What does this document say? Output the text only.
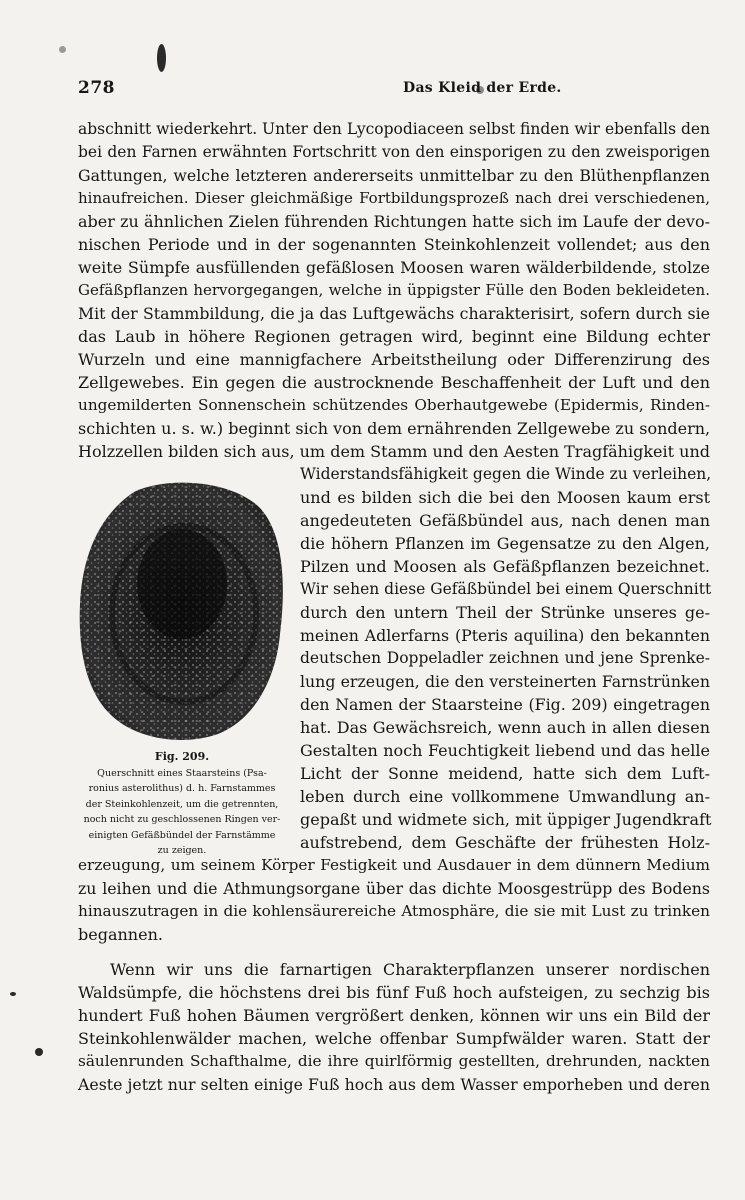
278	Das Kleid der Erde.
abschnitt wiederkehrt. Unter den Lycopodiaceen selbst finden wir ebenfalls den
bei den Farnen erwähnten Fortschritt von den einsporigen zu den zweisporigen
Gattungen, welche letzteren andererseits unmittelbar zu den Blüthenpflanzen
hinaufreichen. Dieser gleichmäßige Fortbildungsprozeß nach drei verschiedenen,
aber zu ähnlichen Zielen führenden Richtungen hatte sich im Laufe der devo-
nischen Periode und in der sogenannten Steinkohlenzeit vollendet; aus den
weite Sümpfe ausfüllenden gefäßlosen Moosen waren wälderbildende, stolze
Gefäßpflanzen hervorgegangen, welche in üppigster Fülle den Boden bekleideten.
Mit der Stammbildung, die ja das Luftgewächs charakterisirt, sofern durch sie
das Laub in höhere Regionen getragen wird, beginnt eine Bildung echter
Wurzeln und eine mannigfachere Arbeitstheilung oder Differenzirung des
Zellgewebes. Ein gegen die austrocknende Beschaffenheit der Luft und den
ungemilderten Sonnenschein schützendes Oberhautgewebe (Epidermis, Rinden-
schichten u. s. w.) beginnt sich von dem ernährenden Zellgewebe zu sondern,
Holzzellen bilden sich aus, um dem Stamm und den Aesten Tragfähigkeit und
Fig. 209.
Querschnitt eines Staarsteins (Psa-
ronius asterolithus) d. h. Farnstammes
der Steinkohlenzeit, um die getrennten,
noch nicht zu geschlossenen Ringen ver-
einigten Gefäßbündel der Farnstämme
zu zeigen.
Widerstandsfähigkeit gegen die Winde zu verleihen,
und es bilden sich die bei den Moosen kaum erst
angedeuteten Gefäßbündel aus, nach denen man
die höhern Pflanzen im Gegensatze zu den Algen,
Pilzen und Moosen als Gefäßpflanzen bezeichnet.
Wir sehen diese Gefäßbündel bei einem Querschnitt
durch den untern Theil der Strünke unseres ge-
meinen Adlerfarns (Pteris aquilina) den bekannten
deutschen Doppeladler zeichnen und jene Sprenke-
lung erzeugen, die den versteinerten Farnstrünken
den Namen der Staarsteine (Fig. 209) eingetragen
hat. Das Gewächsreich, wenn auch in allen diesen
Gestalten noch Feuchtigkeit liebend und das helle
Licht der Sonne meidend, hatte sich dem Luft-
leben durch eine vollkommene Umwandlung an-
gepaßt und widmete sich, mit üppiger Jugendkraft
aufstrebend, dem Geschäfte der frühesten Holz-
erzeugung, um seinem Körper Festigkeit und Ausdauer in dem dünnern Medium
zu leihen und die Athmungsorgane über das dichte Moosgestrüpp des Bodens
hinauszutragen in die kohlensäurereiche Atmosphäre, die sie mit Lust zu trinken
begannen.
Wenn wir uns die farnartigen Charakterpflanzen unserer nordischen
Waldsümpfe, die höchstens drei bis fünf Fuß hoch aufsteigen, zu sechzig bis
hundert Fuß hohen Bäumen vergrößert denken, können wir uns ein Bild der
Steinkohlenwälder machen, welche offenbar Sumpfwälder waren. Statt der
säulenrunden Schafthalme, die ihre quirlförmig gestellten, drehrunden, nackten
Aeste jetzt nur selten einige Fuß hoch aus dem Wasser emporheben und deren
